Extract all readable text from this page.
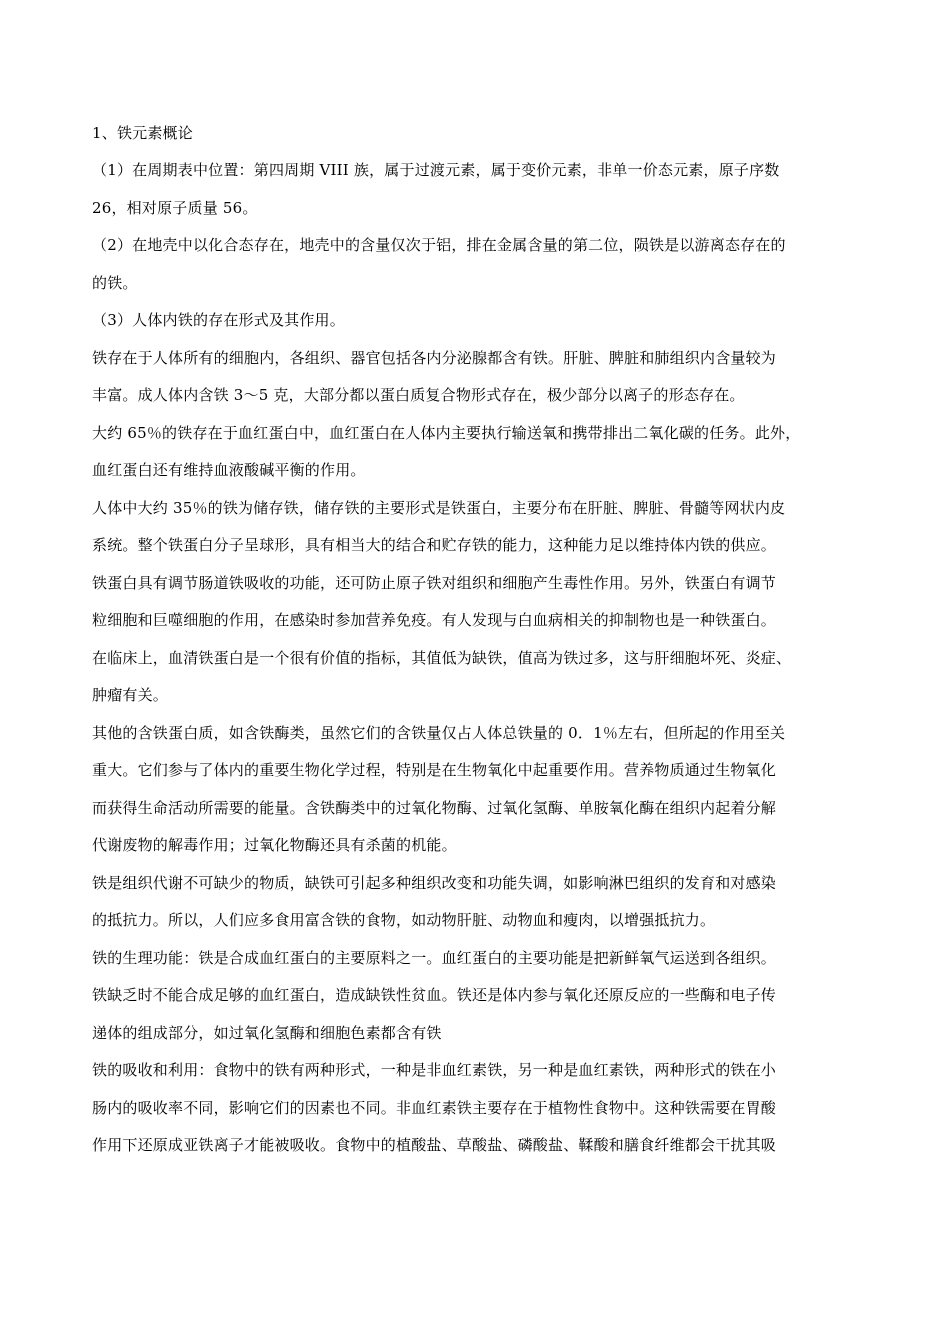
1、铁元素概论

（1）在周期表中位置：第四周期 VIII 族，属于过渡元素，属于变价元素，非单一价态元素，原子序数
26，相对原子质量 56。

（2）在地壳中以化合态存在，地壳中的含量仅次于铝，排在金属含量的第二位，陨铁是以游离态存在的
的铁。

（3）人体内铁的存在形式及其作用。

铁存在于人体所有的细胞内，各组织、器官包括各内分泌腺都含有铁。肝脏、脾脏和肺组织内含量较为
丰富。成人体内含铁 3～5 克，大部分都以蛋白质复合物形式存在，极少部分以离子的形态存在。

大约 65％的铁存在于血红蛋白中，血红蛋白在人体内主要执行输送氧和携带排出二氧化碳的任务。此外，
血红蛋白还有维持血液酸碱平衡的作用。

人体中大约 35％的铁为储存铁，储存铁的主要形式是铁蛋白，主要分布在肝脏、脾脏、骨髓等网状内皮
系统。整个铁蛋白分子呈球形，具有相当大的结合和贮存铁的能力，这种能力足以维持体内铁的供应。
铁蛋白具有调节肠道铁吸收的功能，还可防止原子铁对组织和细胞产生毒性作用。另外，铁蛋白有调节
粒细胞和巨噬细胞的作用，在感染时参加营养免疫。有人发现与白血病相关的抑制物也是一种铁蛋白。
在临床上，血清铁蛋白是一个很有价值的指标，其值低为缺铁，值高为铁过多，这与肝细胞坏死、炎症、
肿瘤有关。

其他的含铁蛋白质，如含铁酶类，虽然它们的含铁量仅占人体总铁量的 0．1％左右，但所起的作用至关
重大。它们参与了体内的重要生物化学过程，特别是在生物氧化中起重要作用。营养物质通过生物氧化
而获得生命活动所需要的能量。含铁酶类中的过氧化物酶、过氧化氢酶、单胺氧化酶在组织内起着分解
代谢废物的解毒作用；过氧化物酶还具有杀菌的机能。

铁是组织代谢不可缺少的物质，缺铁可引起多种组织改变和功能失调，如影响淋巴组织的发育和对感染
的抵抗力。所以，人们应多食用富含铁的食物，如动物肝脏、动物血和瘦肉，以增强抵抗力。

铁的生理功能：铁是合成血红蛋白的主要原料之一。血红蛋白的主要功能是把新鲜氧气运送到各组织。
铁缺乏时不能合成足够的血红蛋白，造成缺铁性贫血。铁还是体内参与氧化还原反应的一些酶和电子传
递体的组成部分，如过氧化氢酶和细胞色素都含有铁

铁的吸收和利用：食物中的铁有两种形式，一种是非血红素铁，另一种是血红素铁，两种形式的铁在小
肠内的吸收率不同，影响它们的因素也不同。非血红素铁主要存在于植物性食物中。这种铁需要在胃酸
作用下还原成亚铁离子才能被吸收。食物中的植酸盐、草酸盐、磷酸盐、鞣酸和膳食纤维都会干扰其吸
